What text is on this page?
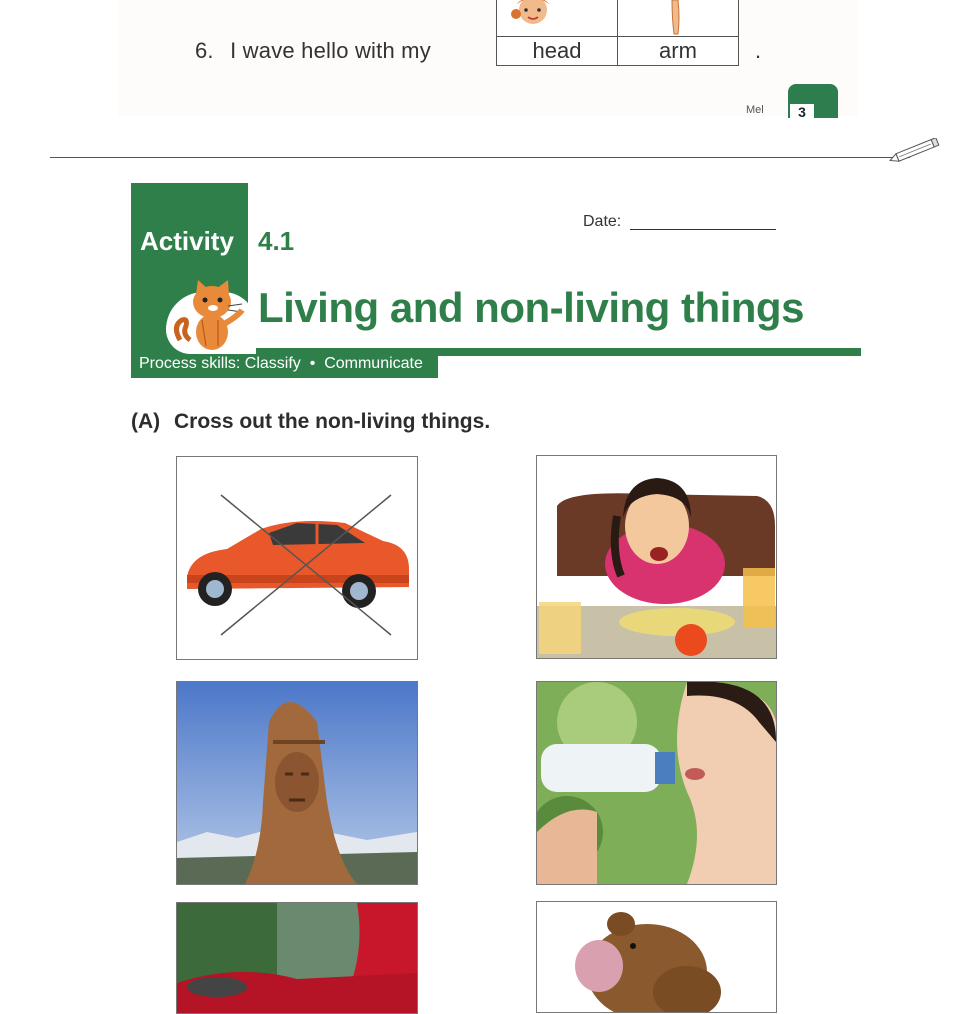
6. I wave hello with my	head	arm	.
Mel	3
Activity 4.1
Date:
Living and non-living things
Process skills: Classify  •  Communicate
(A) Cross out the non-living things.
